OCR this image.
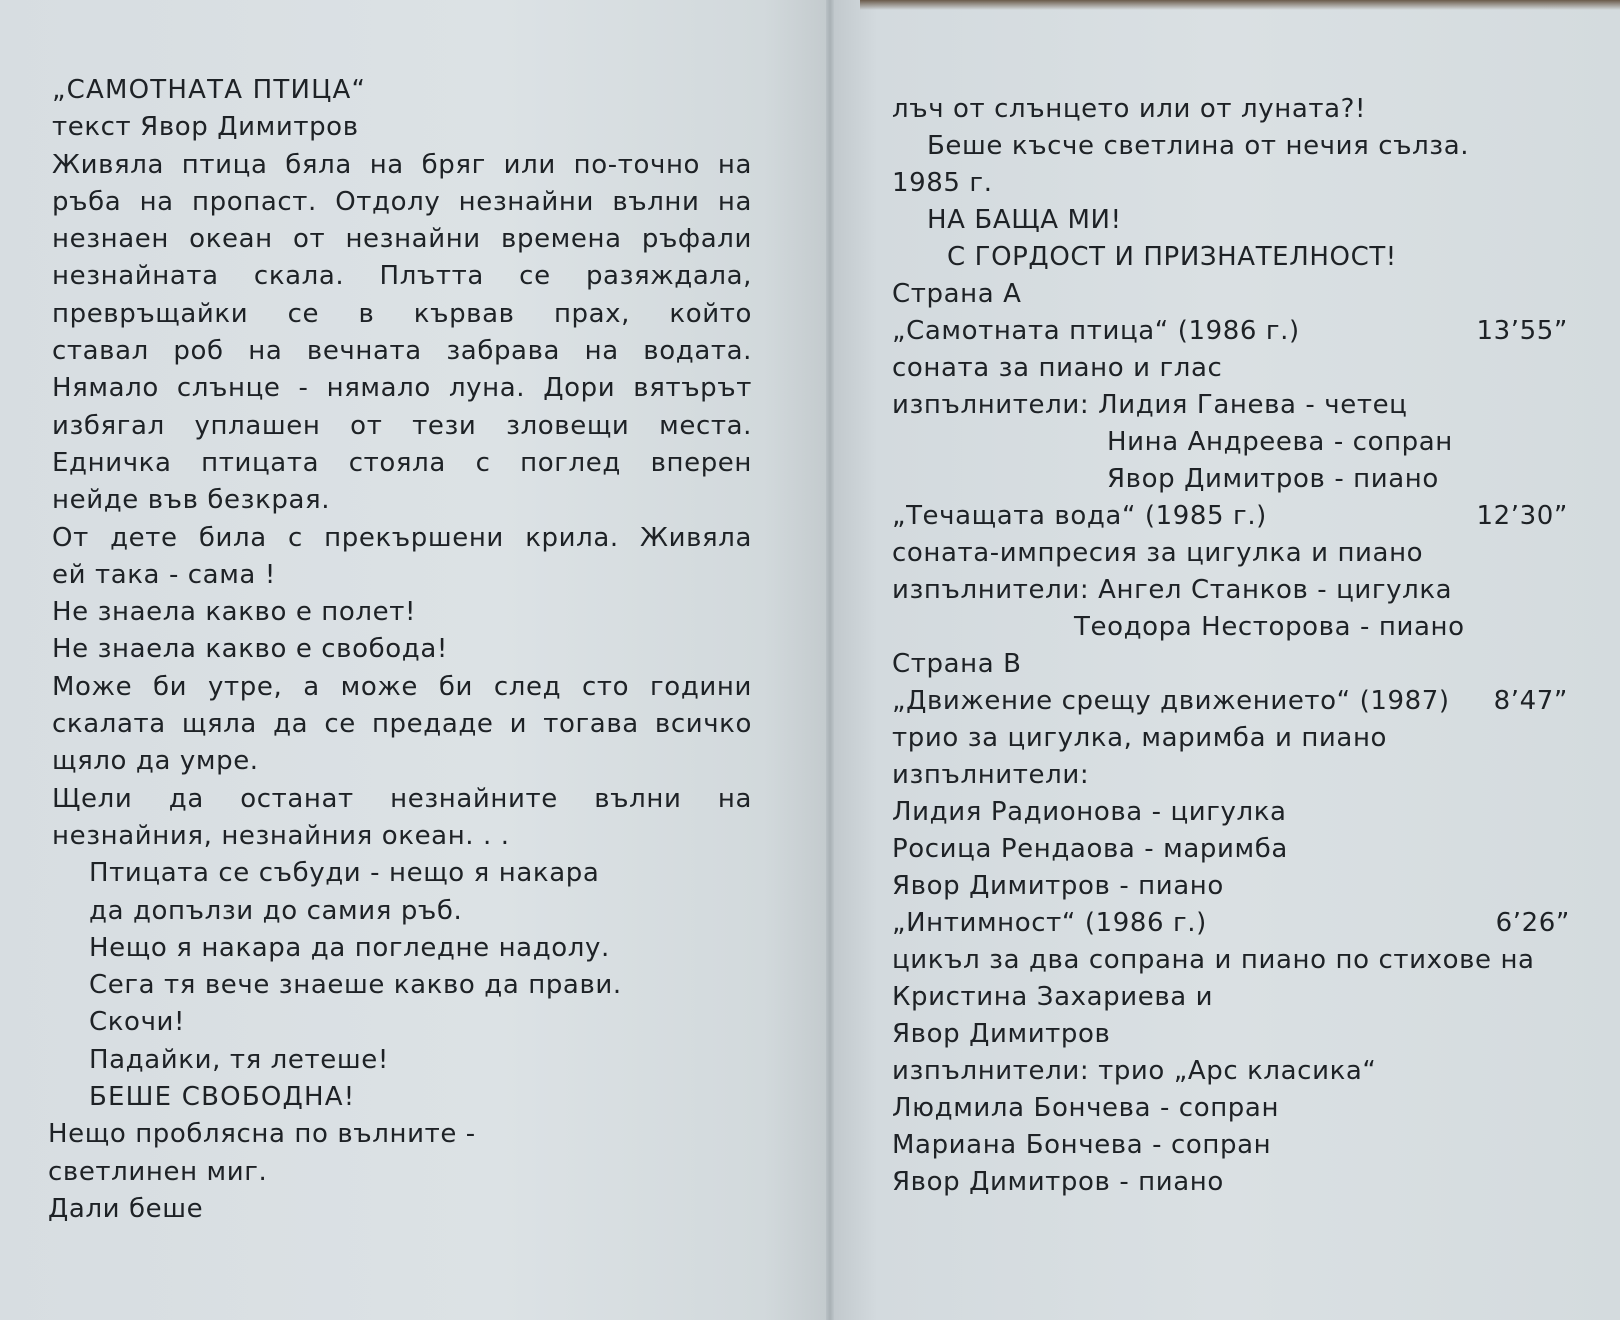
„САМОТНАТА ПТИЦА“
текст Явор Димитров
Живяла птица бяла на бряг или по-точно на
ръба на пропаст. Отдолу незнайни вълни на
незнаен океан от незнайни времена ръфали
незнайната скала. Плътта се разяждала,
превръщайки се в кървав прах, който
ставал роб на вечната забрава на водата.
Нямало слънце - нямало луна. Дори вятърът
избягал уплашен от тези зловещи места.
Едничка птицата стояла с поглед вперен
нейде във безкрая.
От дете била с прекършени крила. Живяла
ей така - сама !
Не знаела какво е полет!
Не знаела какво е свобода!
Може би утре, а може би след сто години
скалата щяла да се предаде и тогава всичко
щяло да умре.
Щели да останат незнайните вълни на
незнайния, незнайния океан. . .
Птицата се събуди - нещо я накара
да допълзи до самия ръб.
Нещо я накара да погледне надолу.
Сега тя вече знаеше какво да прави.
Скочи!
Падайки, тя летеше!
БЕШЕ СВОБОДНА!
Нещо проблясна по вълните -
светлинен миг.
Дали беше
лъч от слънцето или от луната?!
Беше късче светлина от нечия сълза.
1985 г.
НА БАЩА МИ!
С ГОРДОСТ И ПРИЗНАТЕЛНОСТ!
Страна А
„Самотната птица“ (1986 г.)	13’55”
соната за пиано и глас
изпълнители: Лидия Ганева - четец
Нина Андреева - сопран
Явор Димитров - пиано
„Течащата вода“ (1985 г.)	12’30”
соната-импресия за цигулка и пиано
изпълнители: Ангел Станков - цигулка
Теодора Несторова - пиано
Страна В
„Движение срещу движението“ (1987) 8’47”
трио за цигулка, маримба и пиано
изпълнители:
Лидия Радионова - цигулка
Росица Рендаова - маримба
Явор Димитров - пиано
„Интимност“ (1986 г.)	6’26”
цикъл за два сопрана и пиано по стихове на
Кристина Захариева и
Явор Димитров
изпълнители: трио „Арс класика“
Людмила Бончева - сопран
Мариана Бончева - сопран
Явор Димитров - пиано
